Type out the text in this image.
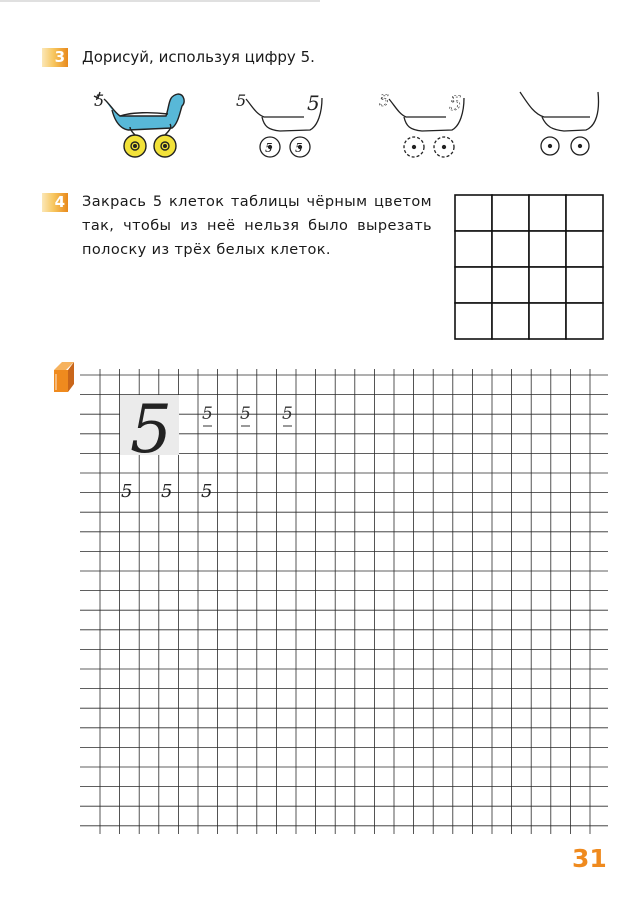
3 Дорисуй, используя цифру 5.
4 Закрась 5 клеток таблицы чёрным цветом так, чтобы из неё нельзя было вырезать полоску из трёх белых клеток.
5	5	5
5 5
5	5
5 5 5 5
5 5 5
31
